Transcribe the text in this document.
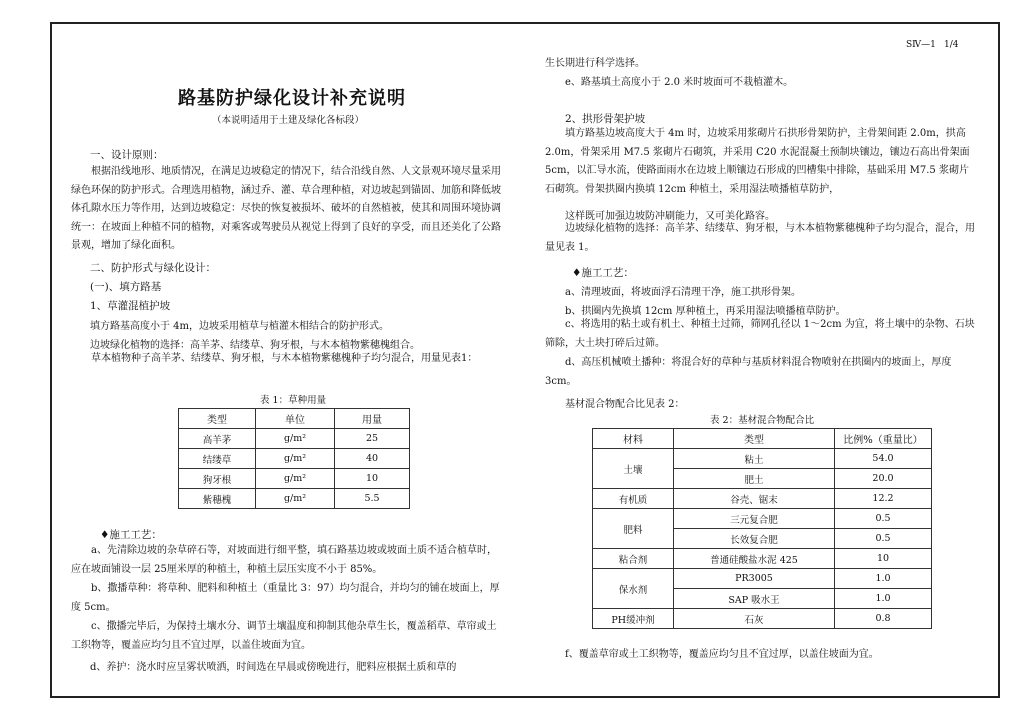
SⅣ—1 1/4
路基防护绿化设计补充说明
（本说明适用于土建及绿化各标段）
一、设计原则：
根据沿线地形、地质情况，在满足边坡稳定的情况下，结合沿线自然、人文景观环境尽量采用绿色环保的防护形式。合理选用植物，涵过乔、灌、草合理种植，对边坡起到锚固、加筋和降低坡体孔隙水压力等作用，达到边坡稳定：尽快的恢复被损坏、破坏的自然植被，使其和周围环境协调统一：在坡面上种植不同的植物，对乘客或驾驶员从视觉上得到了良好的享受，而且还美化了公路景观，增加了绿化面积。
二、防护形式与绿化设计：
(一)、填方路基
1、草灌混植护坡
填方路基高度小于 4m，边坡采用植草与植灌木相结合的防护形式。
边坡绿化植物的选择：高羊茅、结缕草、狗牙根，与木本植物紫穗槐组合。
草本植物种子高羊茅、结缕草、狗牙根，与木本植物紫穗槐种子均匀混合，用量见表1：
表 1：草种用量
类型	单位	用量
高羊茅	g/m²	25
结缕草	g/m²	40
狗牙根	g/m²	10
紫穗槐	g/m²	5.5
♦施工工艺：
a、先清除边坡的杂草碎石等，对坡面进行细平整，填石路基边坡或坡面土质不适合植草时，应在坡面铺设一层 25厘米厚的种植土，种植土层压实度不小于 85%。
b、撒播草种：将草种、肥料和种植土（重量比 3：97）均匀混合，并均匀的铺在坡面上，厚度 5cm。
c、撒播完毕后，为保持土壤水分、调节土壤温度和抑制其他杂草生长，覆盖稻草、草帘或土工织物等，覆盖应均匀且不宜过厚，以盖住坡面为宜。
d、养护：浇水时应呈雾状喷洒，时间选在早晨或傍晚进行，肥料应根据土质和草的
生长期进行科学选择。
e、路基填土高度小于 2.0 米时坡面可不栽植灌木。
2、拱形骨架护坡
填方路基边坡高度大于 4m 时，边坡采用浆砌片石拱形骨架防护，主骨架间距 2.0m，拱高 2.0m，骨架采用 M7.5 浆砌片石砌筑，并采用 C20 水泥混凝土预制块镶边，镶边石高出骨架面 5cm，以汇导水流，使路面雨水在边坡上顺镶边石形成的凹槽集中排除，基础采用 M7.5 浆砌片石砌筑。骨架拱圈内换填 12cm 种植土，采用湿法喷播植草防护，
这样既可加强边坡防冲刷能力，又可美化路容。
边坡绿化植物的选择：高羊茅、结缕草、狗牙根，与木本植物紫穗槐种子均匀混合，混合，用量见表 1。
♦施工工艺：
a、清理坡面，将坡面浮石清理干净，施工拱形骨架。
b、拱圈内先换填 12cm 厚种植土，再采用湿法喷播植草防护。
c、将选用的粘土或有机土、种植土过筛，筛网孔径以 1～2cm 为宜，将土壤中的杂物、石块筛除，大土块打碎后过筛。
d、高压机械喷土播种：将混合好的草种与基质材料混合物喷射在拱圈内的坡面上，厚度 3cm。
基材混合物配合比见表 2：
表 2：基材混合物配合比
材料	类型	比例%（重量比）
土壤	粘土	54.0
	肥土	20.0
有机质	谷壳、锯末	12.2
肥料	三元复合肥	0.5
	长效复合肥	0.5
粘合剂	普通硅酸盐水泥 425	10
保水剂	PR3005	1.0
	SAP 吸水王	1.0
PH缓冲剂	石灰	0.8
f、覆盖草帘或土工织物等，覆盖应均匀且不宜过厚，以盖住坡面为宜。
